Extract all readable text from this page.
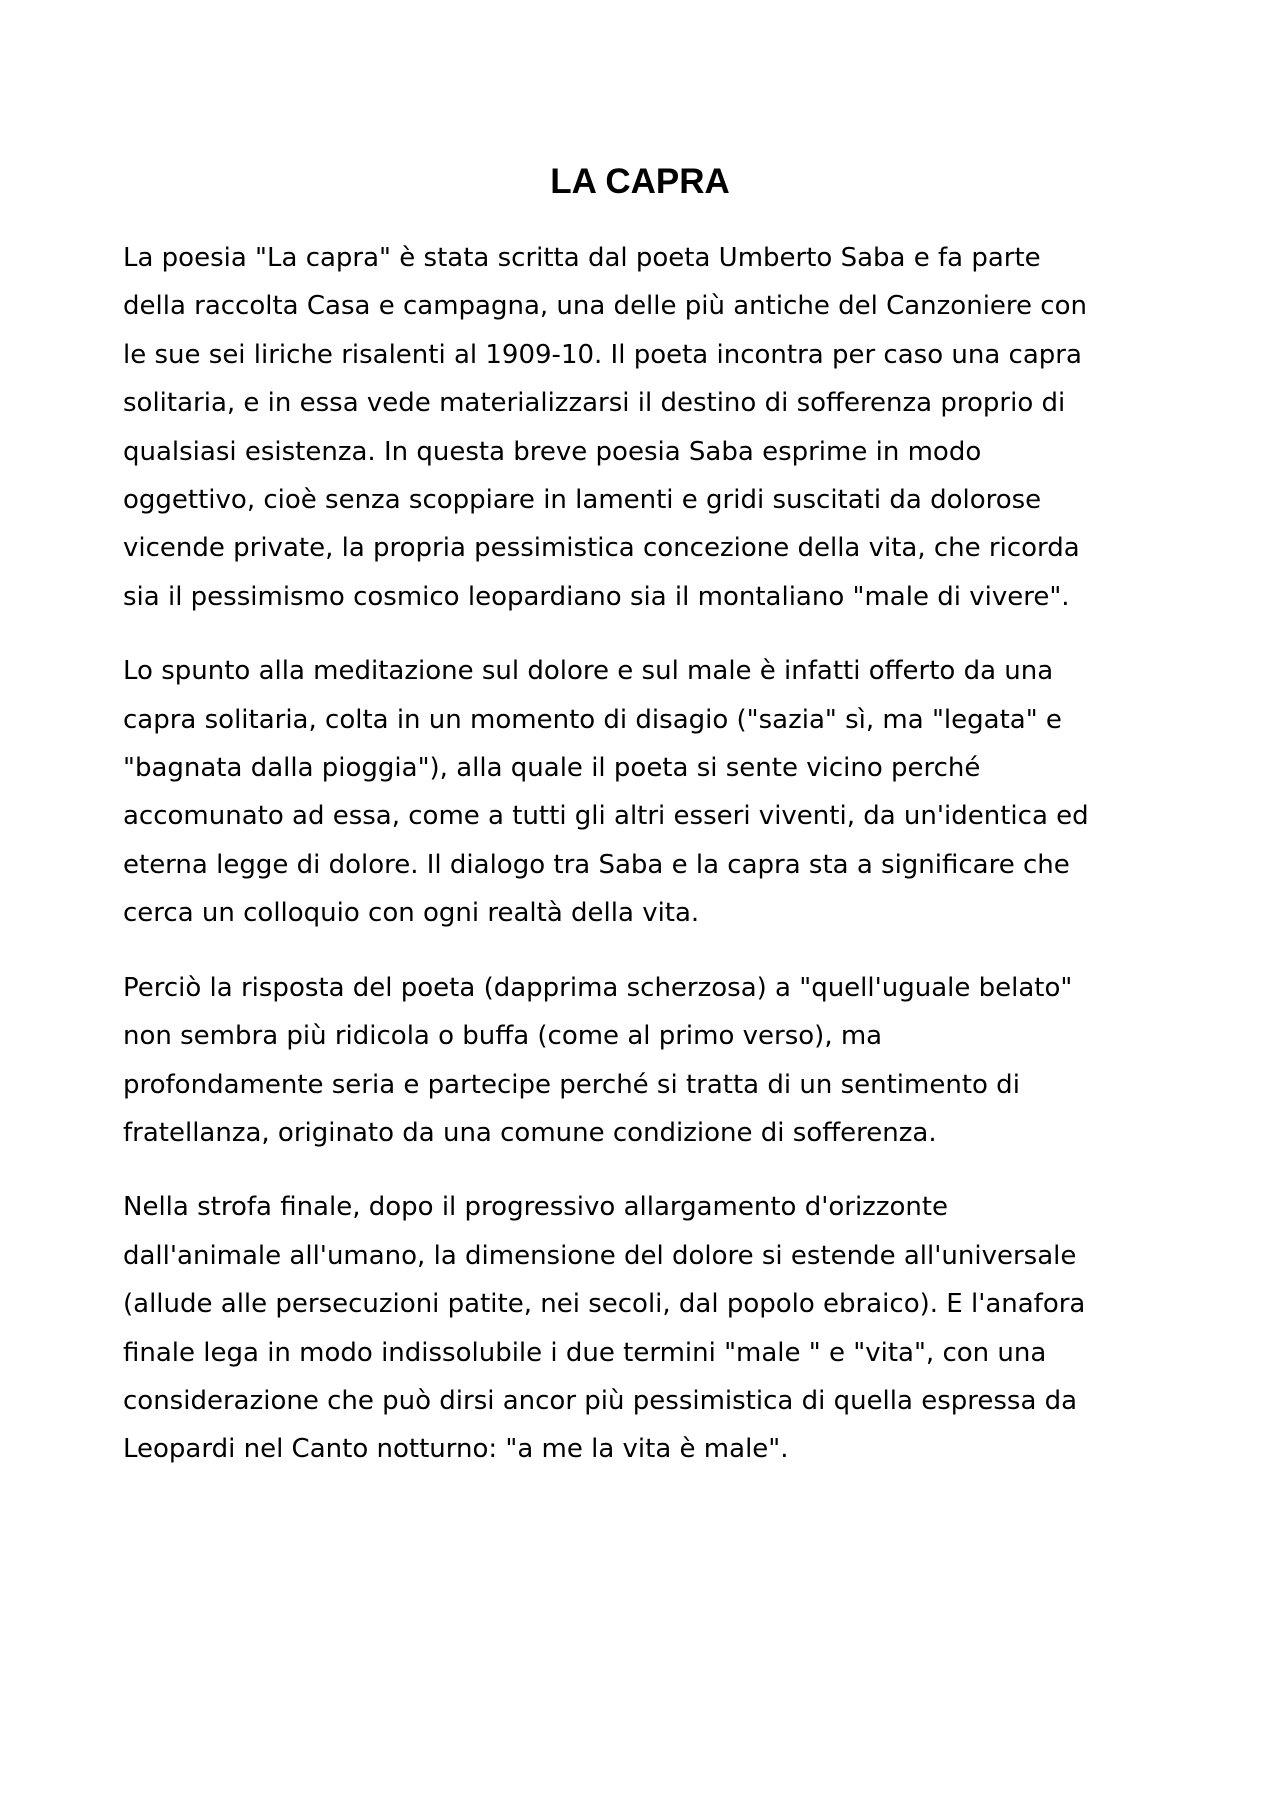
LA CAPRA

La poesia "La capra" è stata scritta dal poeta Umberto Saba e fa parte
della raccolta Casa e campagna, una delle più antiche del Canzoniere con
le sue sei liriche risalenti al 1909-10. Il poeta incontra per caso una capra
solitaria, e in essa vede materializzarsi il destino di sofferenza proprio di
qualsiasi esistenza. In questa breve poesia Saba esprime in modo
oggettivo, cioè senza scoppiare in lamenti e gridi suscitati da dolorose
vicende private, la propria pessimistica concezione della vita, che ricorda
sia il pessimismo cosmico leopardiano sia il montaliano "male di vivere".

Lo spunto alla meditazione sul dolore e sul male è infatti offerto da una
capra solitaria, colta in un momento di disagio ("sazia" sì, ma "legata" e
"bagnata dalla pioggia"), alla quale il poeta si sente vicino perché
accomunato ad essa, come a tutti gli altri esseri viventi, da un'identica ed
eterna legge di dolore. Il dialogo tra Saba e la capra sta a significare che
cerca un colloquio con ogni realtà della vita.

Perciò la risposta del poeta (dapprima scherzosa) a "quell'uguale belato"
non sembra più ridicola o buffa (come al primo verso), ma
profondamente seria e partecipe perché si tratta di un sentimento di
fratellanza, originato da una comune condizione di sofferenza.

Nella strofa finale, dopo il progressivo allargamento d'orizzonte
dall'animale all'umano, la dimensione del dolore si estende all'universale
(allude alle persecuzioni patite, nei secoli, dal popolo ebraico). E l'anafora
finale lega in modo indissolubile i due termini "male " e "vita", con una
considerazione che può dirsi ancor più pessimistica di quella espressa da
Leopardi nel Canto notturno: "a me la vita è male".
